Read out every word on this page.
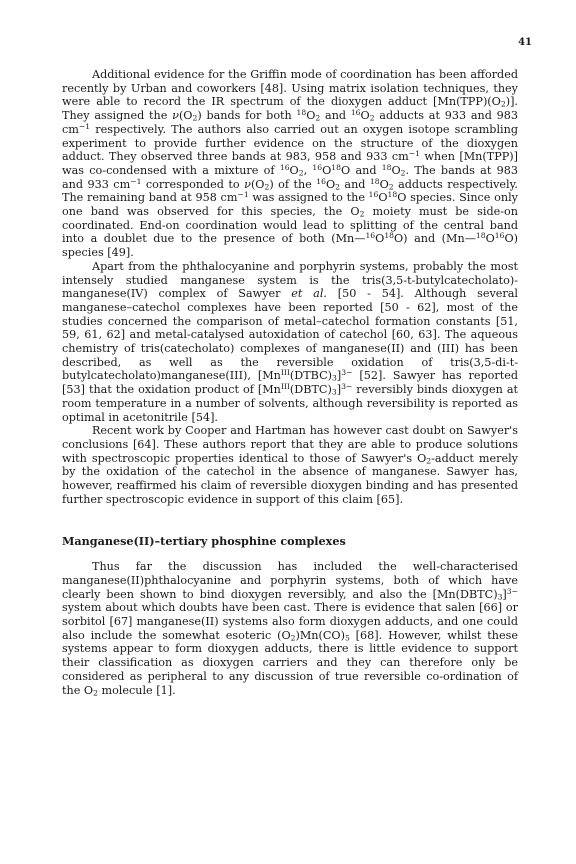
41

Additional evidence for the Griffin mode of coordination has been afforded recently by Urban and coworkers [48]. Using matrix isolation techniques, they were able to record the IR spectrum of the dioxygen adduct $[Mn(TPP)(O_2)]$. They assigned the $\nu(O_2)$ bands for both $^{18}O_2$ and $^{16}O_2$ adducts at 933 and 983 $cm^{-1}$ respectively. The authors also carried out an oxygen isotope scrambling experiment to provide further evidence on the structure of the dioxygen adduct. They observed three bands at 983, 958 and 933 $cm^{-1}$ when [Mn(TPP)] was co-condensed with a mixture of $^{16}O_2$, $^{16}O^{18}O$ and $^{18}O_2$. The bands at 983 and 933 $cm^{-1}$ corresponded to $\nu(O_2)$ of the $^{16}O_2$ and $^{18}O_2$ adducts respectively. The remaining band at 958 $cm^{-1}$ was assigned to the $^{16}O^{18}O$ species. Since only one band was observed for this species, the $O_2$ moiety must be side-on coordinated. End-on coordination would lead to splitting of the central band into a doublet due to the presence of both $(Mn—^{16}O^{18}O)$ and $(Mn—^{18}O^{16}O)$ species [49].

Apart from the phthalocyanine and porphyrin systems, probably the most intensely studied manganese system is the tris(3,5-t-butylcatecholato)-manganese(IV) complex of Sawyer et al. [50 - 54]. Although several manganese–catechol complexes have been reported [50 - 62], most of the studies concerned the comparison of metal–catechol formation constants [51, 59, 61, 62] and metal-catalysed autoxidation of catechol [60, 63]. The aqueous chemistry of tris(catecholato) complexes of manganese(II) and (III) has been described, as well as the reversible oxidation of tris(3,5-di-t-butylcatecholato)manganese(III), $[Mn^{III}(DTBC)_3]^{3-}$ [52]. Sawyer has reported [53] that the oxidation product of $[Mn^{III}(DBTC)_3]^{3-}$ reversibly binds dioxygen at room temperature in a number of solvents, although reversibility is reported as optimal in acetonitrile [54].

Recent work by Cooper and Hartman has however cast doubt on Sawyer's conclusions [64]. These authors report that they are able to produce solutions with spectroscopic properties identical to those of Sawyer's $O_2$-adduct merely by the oxidation of the catechol in the absence of manganese. Sawyer has, however, reaffirmed his claim of reversible dioxygen binding and has presented further spectroscopic evidence in support of this claim [65].

Manganese(II)–tertiary phosphine complexes

Thus far the discussion has included the well-characterised manganese(II)phthalocyanine and porphyrin systems, both of which have clearly been shown to bind dioxygen reversibly, and also the $[Mn(DBTC)_3]^{3-}$ system about which doubts have been cast. There is evidence that salen [66] or sorbitol [67] manganese(II) systems also form dioxygen adducts, and one could also include the somewhat esoteric $(O_2)Mn(CO)_5$ [68]. However, whilst these systems appear to form dioxygen adducts, there is little evidence to support their classification as dioxygen carriers and they can therefore only be considered as peripheral to any discussion of true reversible co-ordination of the $O_2$ molecule [1].
